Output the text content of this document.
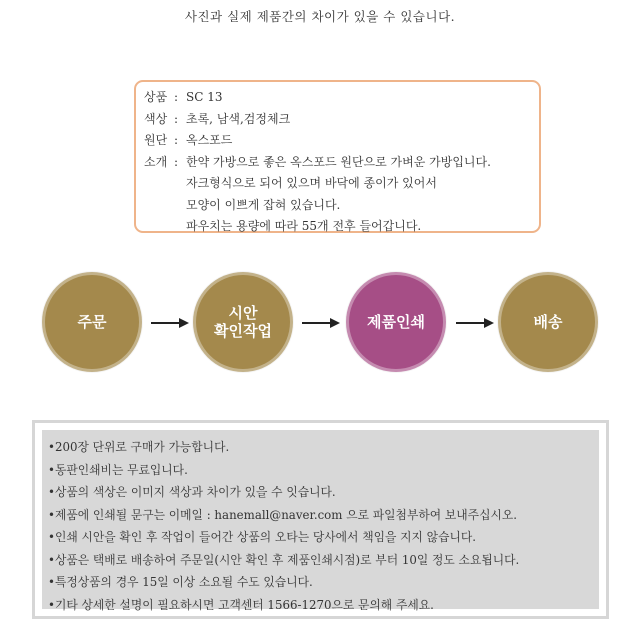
사진과 실제 제품간의 차이가 있을 수 있습니다.
상품 : SC 13
색상 : 초록, 남색,검정체크
원단 : 옥스포드
소개 : 한약 가방으로 좋은 옥스포드 원단으로 가벼운 가방입니다.
자크형식으로 되어 있으며 바닥에 종이가 있어서
모양이 이쁘게 잡혀 있습니다.
파우치는 용량에 따라 55개 전후 들어갑니다.
주문	시안
확인작업	제품인쇄	배송
•200장 단위로 구매가 가능합니다.
•동판인쇄비는 무료입니다.
•상품의 색상은 이미지 색상과 차이가 있을 수 잇습니다.
•제품에 인쇄될 문구는 이메일 : hanemall@naver.com 으로 파일첨부하여 보내주십시오.
•인쇄 시안을 확인 후 작업이 들어간 상품의 오타는 당사에서 책임을 지지 않습니다.
•상품은 택배로 배송하여 주문일(시안 확인 후 제품인쇄시점)로 부터 10일 정도 소요됩니다.
•특정상품의 경우 15일 이상 소요될 수도 있습니다.
•기타 상세한 설명이 필요하시면 고객센터 1566-1270으로 문의해 주세요.
